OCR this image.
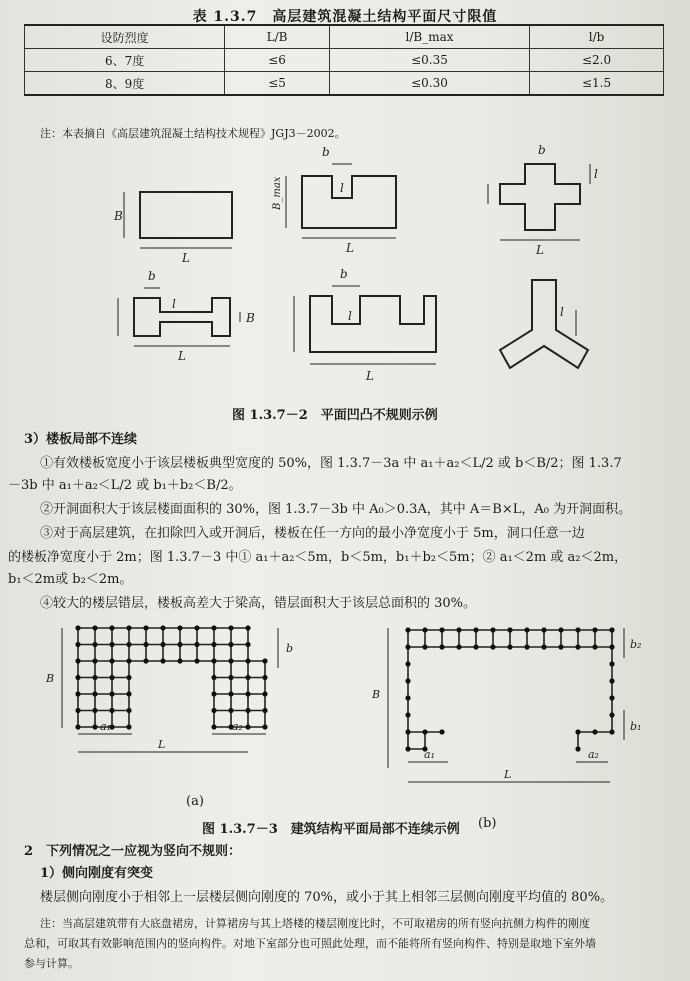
表 1.3.7　高层建筑混凝土结构平面尺寸限值
设防烈度	L/B	l/B_max	l/b
6、7度	≤6	≤0.35	≤2.0
8、9度	≤5	≤0.30	≤1.5
注：本表摘自《高层建筑混凝土结构技术规程》JGJ3－2002。
B
L
b
l
B_max
L
b
l
L
b
l
B
L
b
l
L
l
图 1.3.7－2　平面凹凸不规则示例
3）楼板局部不连续
①有效楼板宽度小于该层楼板典型宽度的 50%，图 1.3.7－3a 中 a₁＋a₂＜L/2 或 b＜B/2；图 1.3.7
－3b 中 a₁＋a₂＜L/2 或 b₁＋b₂＜B/2。
②开洞面积大于该层楼面面积的 30%，图 1.3.7－3b 中 A₀＞0.3A，其中 A＝B×L，A₀ 为开洞面积。
③对于高层建筑，在扣除凹入或开洞后，楼板在任一方向的最小净宽度小于 5m，洞口任意一边
的楼板净宽度小于 2m；图 1.3.7－3 中① a₁＋a₂＜5m，b＜5m，b₁＋b₂＜5m；② a₁＜2m 或 a₂＜2m，
b₁＜2m或 b₂＜2m。
④较大的楼层错层，楼板高差大于梁高，错层面积大于该层总面积的 30%。
B
L
a₁	a₂
b
B
L
a₁	a₂
b₂
b₁
(a)
(b)
图 1.3.7－3　建筑结构平面局部不连续示例
2　下列情况之一应视为竖向不规则：
1）侧向刚度有突变
楼层侧向刚度小于相邻上一层楼层侧向刚度的 70%，或小于其上相邻三层侧向刚度平均值的 80%。
注：当高层建筑带有大底盘裙房，计算裙房与其上塔楼的楼层刚度比时，不可取裙房的所有竖向抗侧力构件的刚度
总和，可取其有效影响范围内的竖向构件。对地下室部分也可照此处理，而不能将所有竖向构件、特别是取地下室外墙
参与计算。
